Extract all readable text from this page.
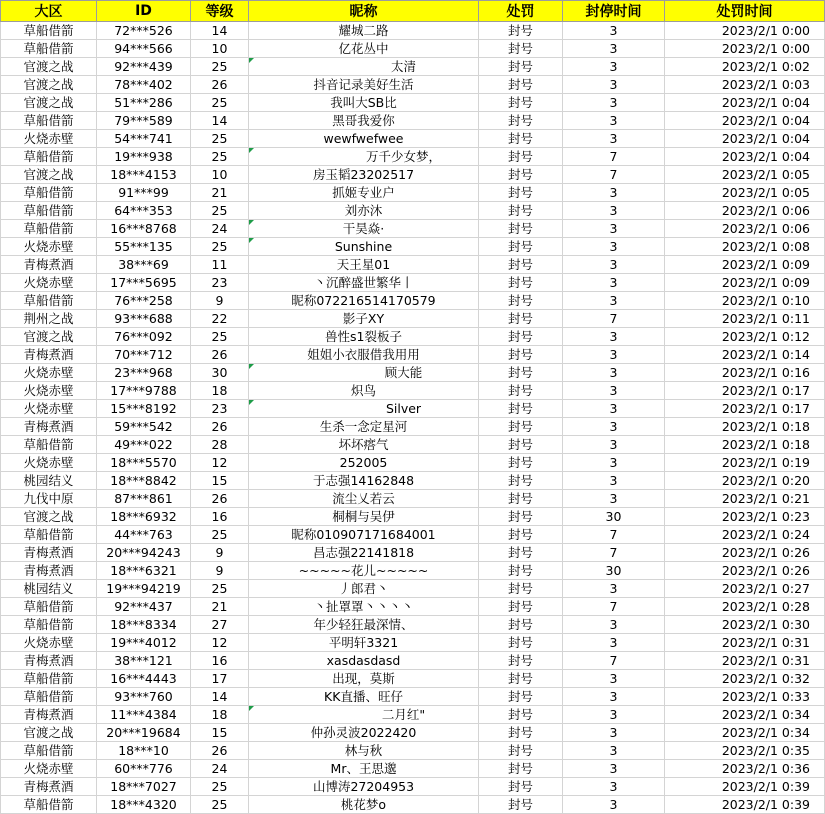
大区	ID	等级	昵称	处罚	封停时间	处罚时间
草船借箭	72***526	14	耀城二路	封号	3	2023/2/1 0:00
草船借箭	94***566	10	亿花丛中	封号	3	2023/2/1 0:00
官渡之战	92***439	25	太清	封号	3	2023/2/1 0:02
官渡之战	78***402	26	抖音记录美好生活	封号	3	2023/2/1 0:03
官渡之战	51***286	25	我叫大SB比	封号	3	2023/2/1 0:04
草船借箭	79***589	14	黑哥我爱你	封号	3	2023/2/1 0:04
火烧赤壁	54***741	25	wewfwefwee	封号	3	2023/2/1 0:04
草船借箭	19***938	25	万千少女梦，	封号	7	2023/2/1 0:04
官渡之战	18***4153	10	房玉韬23202517	封号	7	2023/2/1 0:05
草船借箭	91***99	21	抓姬专业户	封号	3	2023/2/1 0:05
草船借箭	64***353	25	刘亦沐	封号	3	2023/2/1 0:06
草船借箭	16***8768	24	干昊焱·	封号	3	2023/2/1 0:06
火烧赤壁	55***135	25	Sunshine	封号	3	2023/2/1 0:08
青梅煮酒	38***69	11	天王星01	封号	3	2023/2/1 0:09
火烧赤壁	17***5695	23	丶沉醉盛世繁华丨	封号	3	2023/2/1 0:09
草船借箭	76***258	9	昵称072216514170579	封号	3	2023/2/1 0:10
荆州之战	93***688	22	影子XY	封号	7	2023/2/1 0:11
官渡之战	76***092	25	兽性s1裂板子	封号	3	2023/2/1 0:12
青梅煮酒	70***712	26	姐姐小衣服借我用用	封号	3	2023/2/1 0:14
火烧赤壁	23***968	30	顾大能	封号	3	2023/2/1 0:16
火烧赤壁	17***9788	18	炽鸟	封号	3	2023/2/1 0:17
火烧赤壁	15***8192	23	Silver	封号	3	2023/2/1 0:17
青梅煮酒	59***542	26	生杀一念定星河	封号	3	2023/2/1 0:18
草船借箭	49***022	28	坏坏瘩气	封号	3	2023/2/1 0:18
火烧赤壁	18***5570	12	252005	封号	3	2023/2/1 0:19
桃园结义	18***8842	15	于志强14162848	封号	3	2023/2/1 0:20
九伐中原	87***861	26	流尘乂若云	封号	3	2023/2/1 0:21
官渡之战	18***6932	16	桐桐与吴伊	封号	30	2023/2/1 0:23
草船借箭	44***763	25	昵称010907171684001	封号	7	2023/2/1 0:24
青梅煮酒	20***94243	9	昌志强22141818	封号	7	2023/2/1 0:26
青梅煮酒	18***6321	9	~~~~~花儿~~~~~	封号	30	2023/2/1 0:26
桃园结义	19***94219	25	丿郎君丶	封号	3	2023/2/1 0:27
草船借箭	92***437	21	丶扯罩罩丶丶丶丶	封号	7	2023/2/1 0:28
草船借箭	18***8334	27	年少轻狂最深情、	封号	3	2023/2/1 0:30
火烧赤壁	19***4012	12	平明轩3321	封号	3	2023/2/1 0:31
青梅煮酒	38***121	16	xasdasdasd	封号	7	2023/2/1 0:31
草船借箭	16***4443	17	出现，莫斯	封号	3	2023/2/1 0:32
草船借箭	93***760	14	KK直播、旺仔	封号	3	2023/2/1 0:33
青梅煮酒	11***4384	18	二月红"	封号	3	2023/2/1 0:34
官渡之战	20***19684	15	仲孙灵波2022420	封号	3	2023/2/1 0:34
草船借箭	18***10	26	林与秋	封号	3	2023/2/1 0:35
火烧赤壁	60***776	24	Mr、王思邈	封号	3	2023/2/1 0:36
青梅煮酒	18***7027	25	山博涛27204953	封号	3	2023/2/1 0:39
草船借箭	18***4320	25	桃花梦o	封号	3	2023/2/1 0:39
